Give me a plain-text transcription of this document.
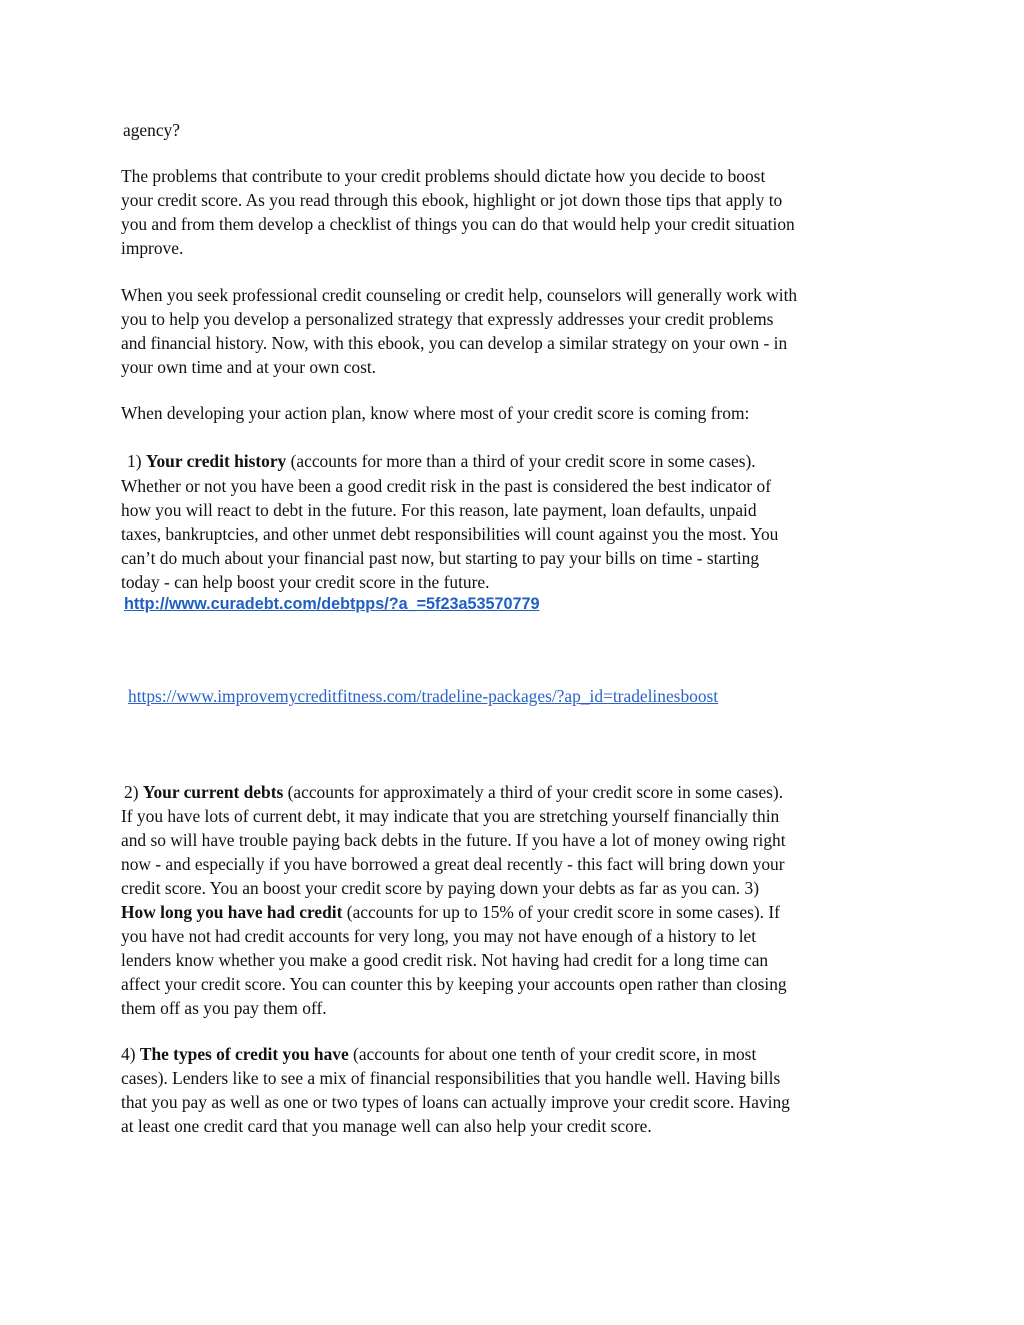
agency?
The problems that contribute to your credit problems should dictate how you decide to boost
your credit score. As you read through this ebook, highlight or jot down those tips that apply to
you and from them develop a checklist of things you can do that would help your credit situation
improve.
When you seek professional credit counseling or credit help, counselors will generally work with
you to help you develop a personalized strategy that expressly addresses your credit problems
and financial history. Now, with this ebook, you can develop a similar strategy on your own - in
your own time and at your own cost.
When developing your action plan, know where most of your credit score is coming from:
1) Your credit history (accounts for more than a third of your credit score in some cases).
Whether or not you have been a good credit risk in the past is considered the best indicator of
how you will react to debt in the future. For this reason, late payment, loan defaults, unpaid
taxes, bankruptcies, and other unmet debt responsibilities will count against you the most. You
can’t do much about your financial past now, but starting to pay your bills on time - starting
today - can help boost your credit score in the future.
http://www.curadebt.com/debtpps/?a_=5f23a53570779
https://www.improvemycreditfitness.com/tradeline-packages/?ap_id=tradelinesboost
2) Your current debts (accounts for approximately a third of your credit score in some cases).
If you have lots of current debt, it may indicate that you are stretching yourself financially thin
and so will have trouble paying back debts in the future. If you have a lot of money owing right
now - and especially if you have borrowed a great deal recently - this fact will bring down your
credit score. You an boost your credit score by paying down your debts as far as you can. 3)
How long you have had credit (accounts for up to 15% of your credit score in some cases). If
you have not had credit accounts for very long, you may not have enough of a history to let
lenders know whether you make a good credit risk. Not having had credit for a long time can
affect your credit score. You can counter this by keeping your accounts open rather than closing
them off as you pay them off.
4) The types of credit you have (accounts for about one tenth of your credit score, in most
cases). Lenders like to see a mix of financial responsibilities that you handle well. Having bills
that you pay as well as one or two types of loans can actually improve your credit score. Having
at least one credit card that you manage well can also help your credit score.
